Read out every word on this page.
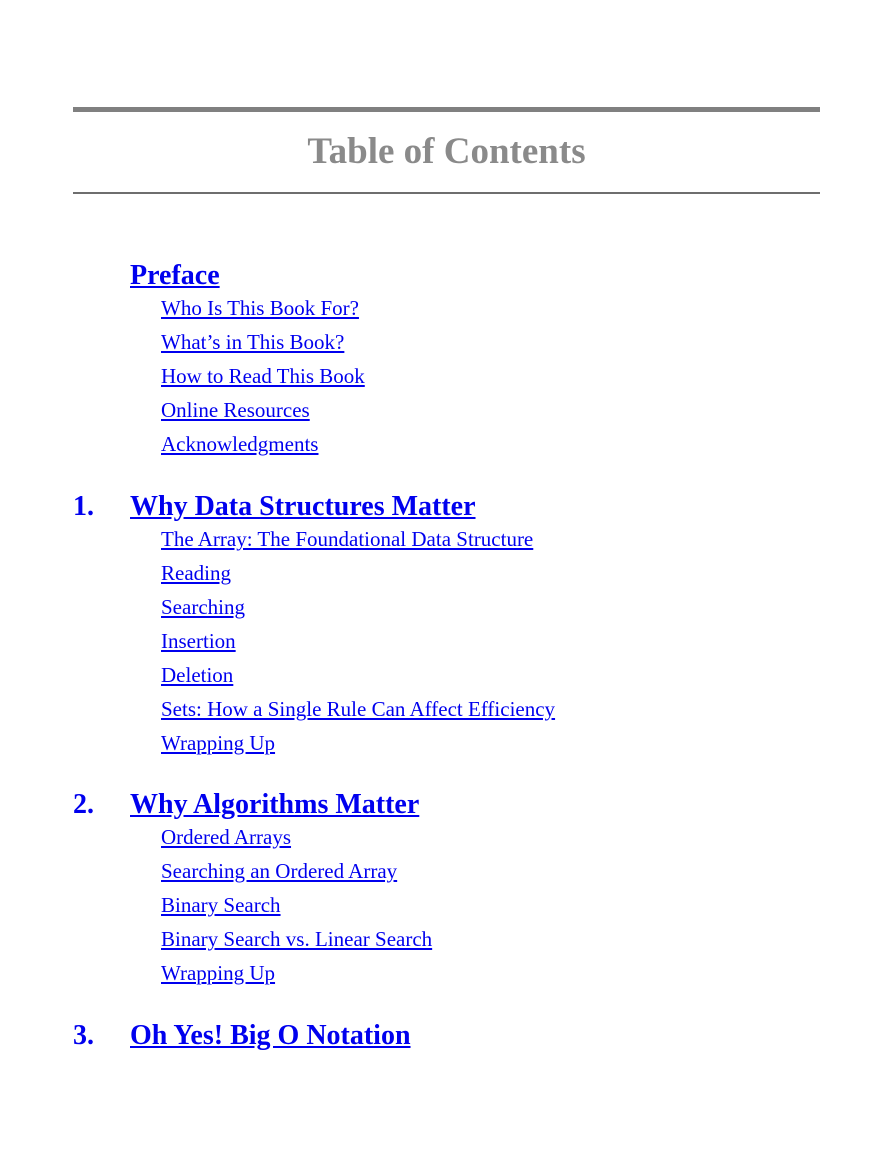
Table of Contents
Preface
Who Is This Book For?
What’s in This Book?
How to Read This Book
Online Resources
Acknowledgments
1. Why Data Structures Matter
The Array: The Foundational Data Structure
Reading
Searching
Insertion
Deletion
Sets: How a Single Rule Can Affect Efficiency
Wrapping Up
2. Why Algorithms Matter
Ordered Arrays
Searching an Ordered Array
Binary Search
Binary Search vs. Linear Search
Wrapping Up
3. Oh Yes! Big O Notation
